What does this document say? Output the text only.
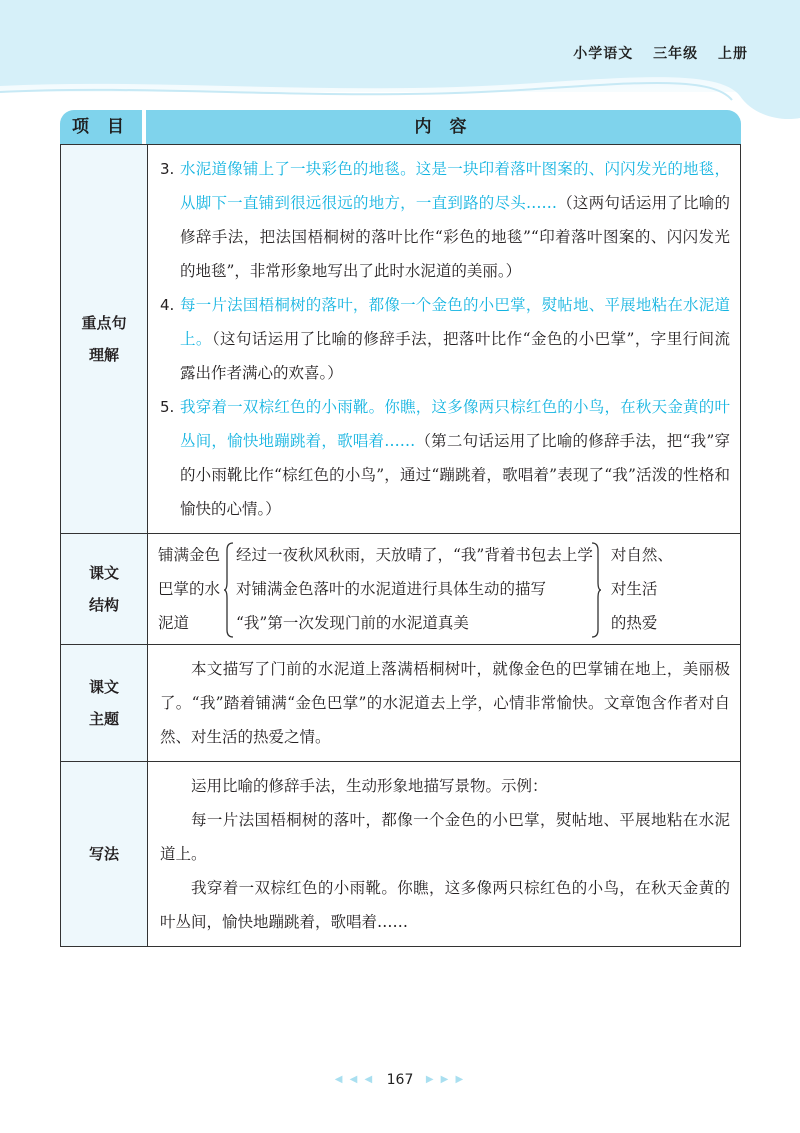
小学语文 三年级 上册
项 目	内 容
重点句
理解
3. 水泥道像铺上了一块彩色的地毯。这是一块印着落叶图案的、闪闪发光的地毯，从脚下一直铺到很远很远的地方，一直到路的尽头……（这两句话运用了比喻的修辞手法，把法国梧桐树的落叶比作“彩色的地毯”“印着落叶图案的、闪闪发光的地毯”，非常形象地写出了此时水泥道的美丽。）
4. 每一片法国梧桐树的落叶，都像一个金色的小巴掌，熨帖地、平展地粘在水泥道上。（这句话运用了比喻的修辞手法，把落叶比作“金色的小巴掌”，字里行间流露出作者满心的欢喜。）
5. 我穿着一双棕红色的小雨靴。你瞧，这多像两只棕红色的小鸟，在秋天金黄的叶丛间，愉快地蹦跳着，歌唱着……（第二句话运用了比喻的修辞手法，把“我”穿的小雨靴比作“棕红色的小鸟”，通过“蹦跳着，歌唱着”表现了“我”活泼的性格和愉快的心情。）
课文
结构
铺满金色
巴掌的水
泥道
经过一夜秋风秋雨，天放晴了，“我”背着书包去上学
对铺满金色落叶的水泥道进行具体生动的描写
“我”第一次发现门前的水泥道真美
对自然、
对生活
的热爱
课文
主题
本文描写了门前的水泥道上落满梧桐树叶，就像金色的巴掌铺在地上，美丽极了。“我”踏着铺满“金色巴掌”的水泥道去上学，心情非常愉快。文章饱含作者对自然、对生活的热爱之情。
写法
运用比喻的修辞手法，生动形象地描写景物。示例：
每一片法国梧桐树的落叶，都像一个金色的小巴掌，熨帖地、平展地粘在水泥道上。
我穿着一双棕红色的小雨靴。你瞧，这多像两只棕红色的小鸟，在秋天金黄的叶丛间，愉快地蹦跳着，歌唱着……
◀ ◀ ◀ 167 ▶ ▶ ▶
